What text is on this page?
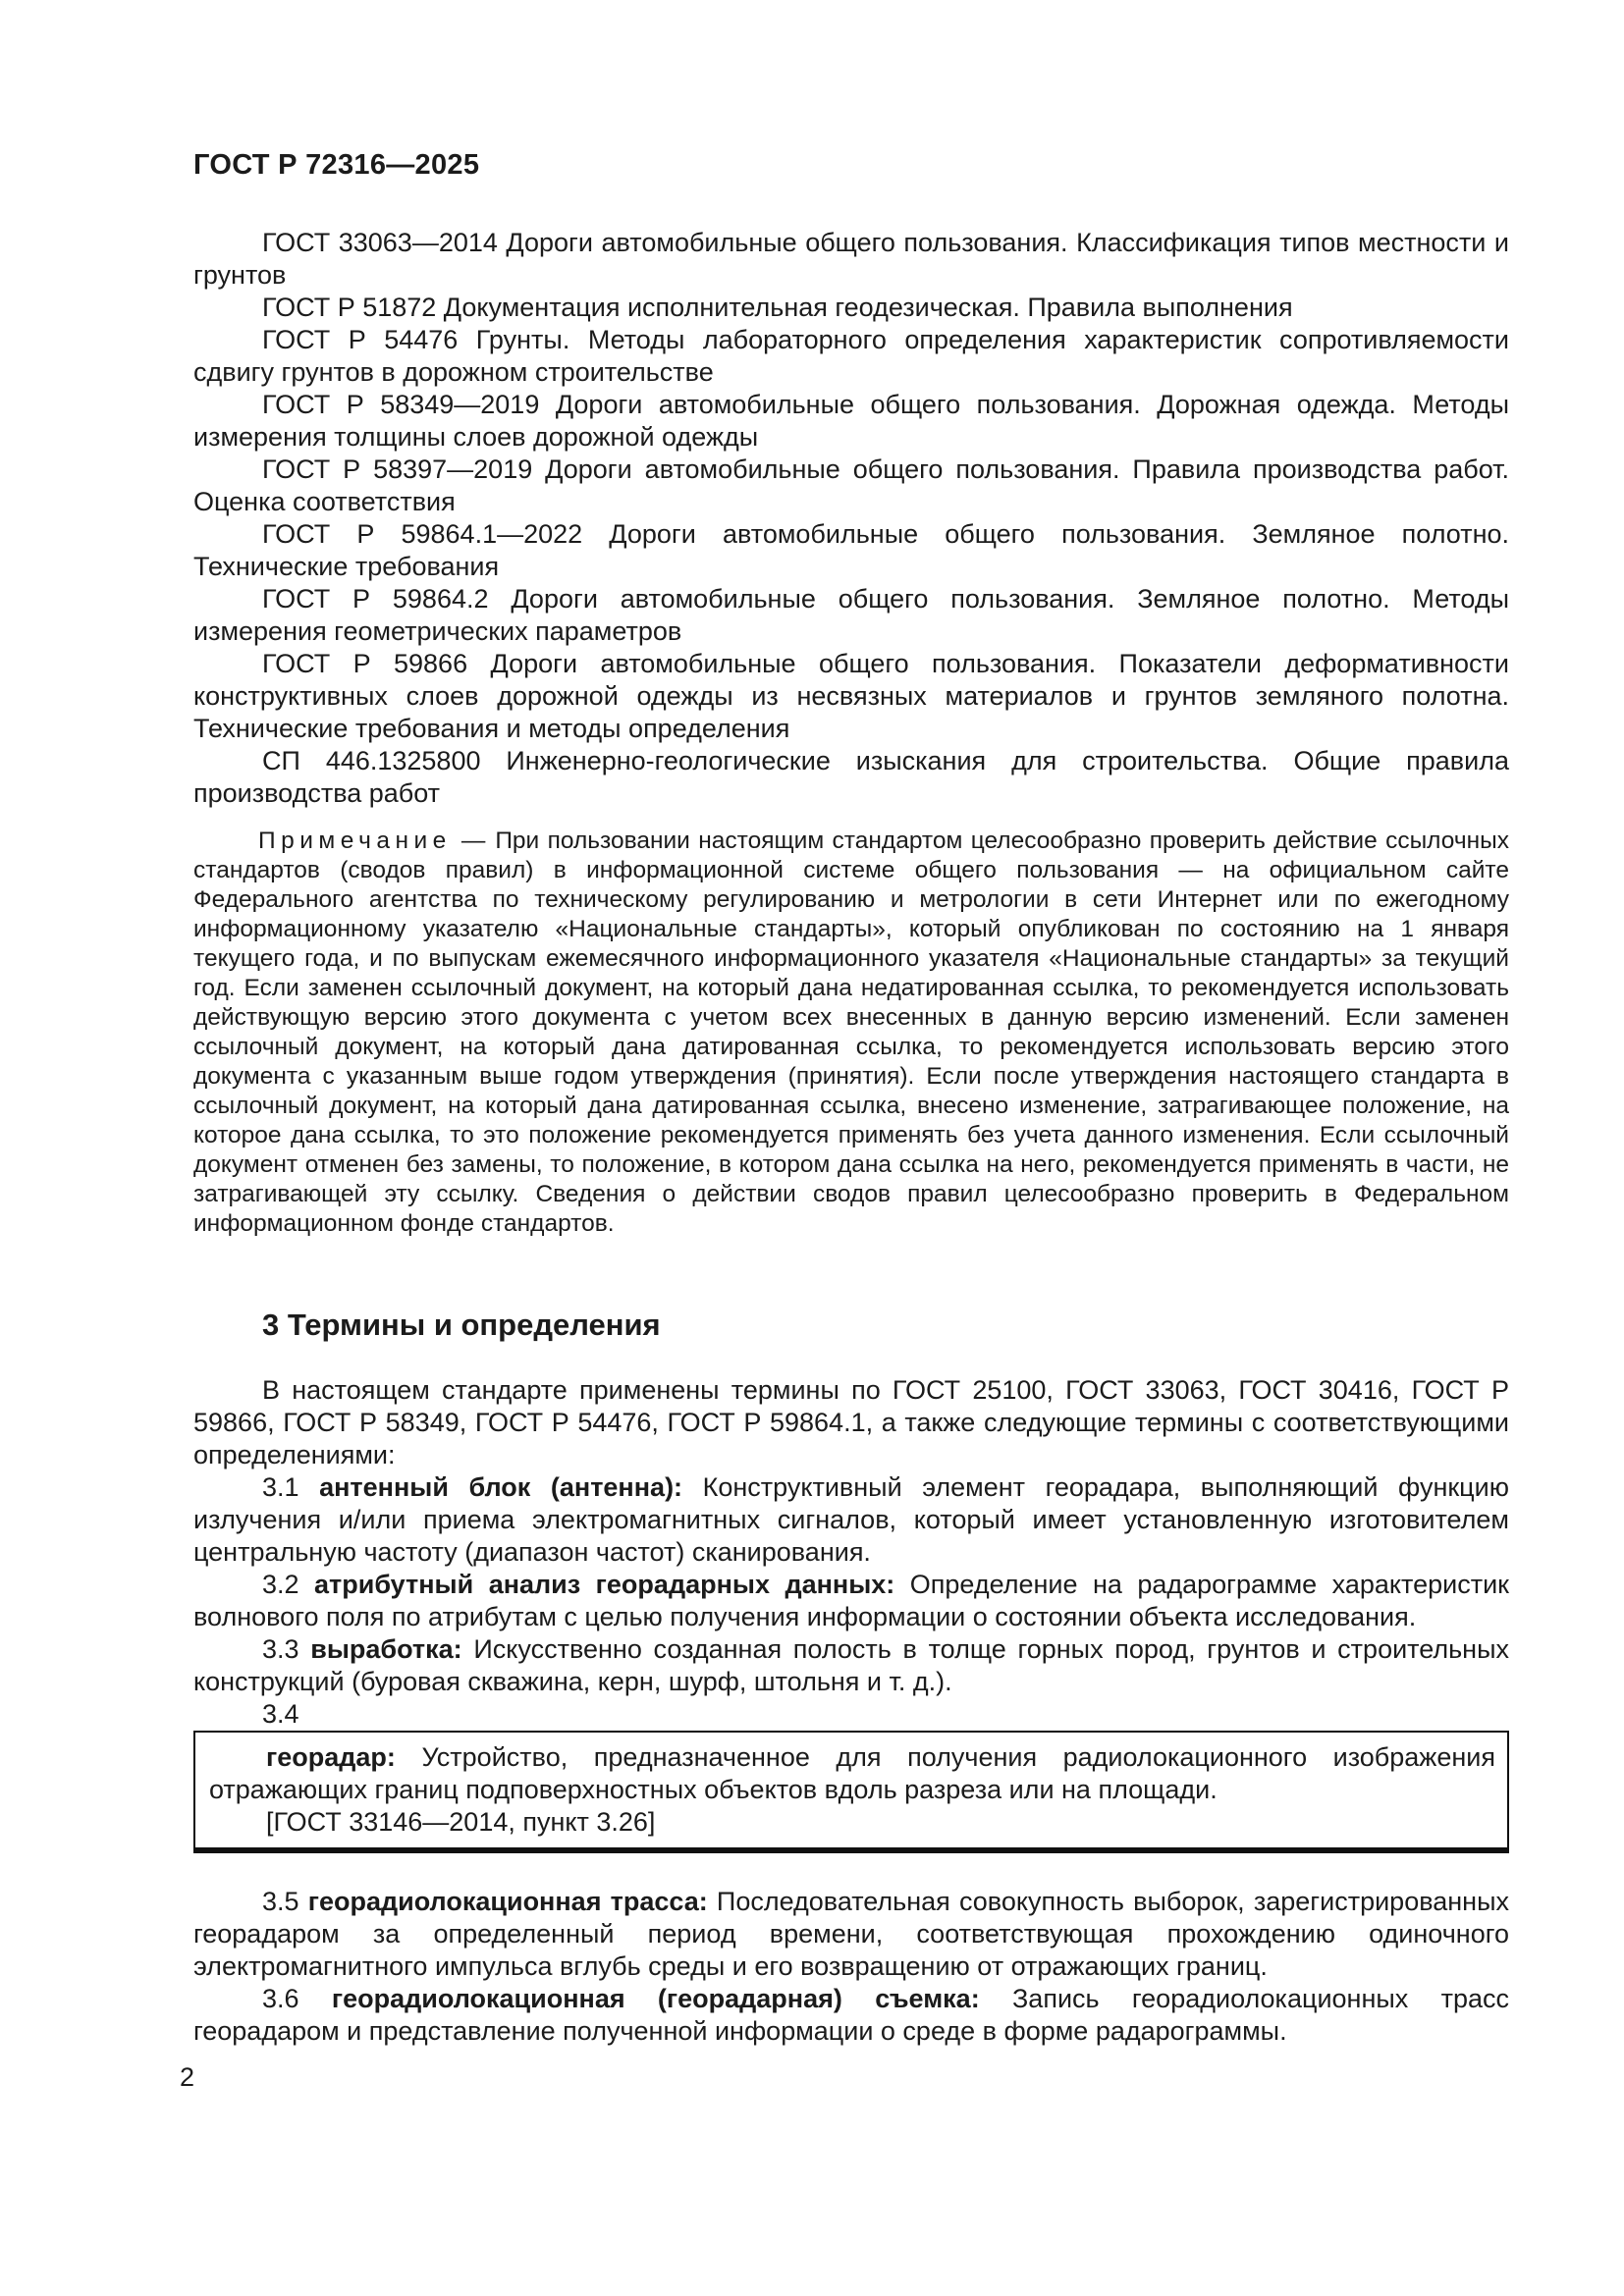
ГОСТ Р 72316—2025

ГОСТ 33063—2014 Дороги автомобильные общего пользования. Классификация типов местности и грунтов

ГОСТ Р 51872 Документация исполнительная геодезическая. Правила выполнения

ГОСТ Р 54476 Грунты. Методы лабораторного определения характеристик сопротивляемости сдвигу грунтов в дорожном строительстве

ГОСТ Р 58349—2019 Дороги автомобильные общего пользования. Дорожная одежда. Методы измерения толщины слоев дорожной одежды

ГОСТ Р 58397—2019 Дороги автомобильные общего пользования. Правила производства работ. Оценка соответствия

ГОСТ Р 59864.1—2022 Дороги автомобильные общего пользования. Земляное полотно. Технические требования

ГОСТ Р 59864.2 Дороги автомобильные общего пользования. Земляное полотно. Методы измерения геометрических параметров

ГОСТ Р 59866 Дороги автомобильные общего пользования. Показатели деформативности конструктивных слоев дорожной одежды из несвязных материалов и грунтов земляного полотна. Технические требования и методы определения

СП 446.1325800 Инженерно-геологические изыскания для строительства. Общие правила производства работ

Примечание — При пользовании настоящим стандартом целесообразно проверить действие ссылочных стандартов (сводов правил) в информационной системе общего пользования — на официальном сайте Федерального агентства по техническому регулированию и метрологии в сети Интернет или по ежегодному информационному указателю «Национальные стандарты», который опубликован по состоянию на 1 января текущего года, и по выпускам ежемесячного информационного указателя «Национальные стандарты» за текущий год. Если заменен ссылочный документ, на который дана недатированная ссылка, то рекомендуется использовать действующую версию этого документа с учетом всех внесенных в данную версию изменений. Если заменен ссылочный документ, на который дана датированная ссылка, то рекомендуется использовать версию этого документа с указанным выше годом утверждения (принятия). Если после утверждения настоящего стандарта в ссылочный документ, на который дана датированная ссылка, внесено изменение, затрагивающее положение, на которое дана ссылка, то это положение рекомендуется применять без учета данного изменения. Если ссылочный документ отменен без замены, то положение, в котором дана ссылка на него, рекомендуется применять в части, не затрагивающей эту ссылку. Сведения о действии сводов правил целесообразно проверить в Федеральном информационном фонде стандартов.

3 Термины и определения

В настоящем стандарте применены термины по ГОСТ 25100, ГОСТ 33063, ГОСТ 30416, ГОСТ Р 59866, ГОСТ Р 58349, ГОСТ Р 54476, ГОСТ Р 59864.1, а также следующие термины с соответствующими определениями:

3.1 антенный блок (антенна): Конструктивный элемент георадара, выполняющий функцию излучения и/или приема электромагнитных сигналов, который имеет установленную изготовителем центральную частоту (диапазон частот) сканирования.

3.2 атрибутный анализ георадарных данных: Определение на радарограмме характеристик волнового поля по атрибутам с целью получения информации о состоянии объекта исследования.

3.3 выработка: Искусственно созданная полость в толще горных пород, грунтов и строительных конструкций (буровая скважина, керн, шурф, штольня и т. д.).

3.4

георадар: Устройство, предназначенное для получения радиолокационного изображения отражающих границ подповерхностных объектов вдоль разреза или на площади.

[ГОСТ 33146—2014, пункт 3.26]

3.5 георадиолокационная трасса: Последовательная совокупность выборок, зарегистрированных георадаром за определенный период времени, соответствующая прохождению одиночного электромагнитного импульса вглубь среды и его возвращению от отражающих границ.

3.6 георадиолокационная (георадарная) съемка: Запись георадиолокационных трасс георадаром и представление полученной информации о среде в форме радарограммы.

2
